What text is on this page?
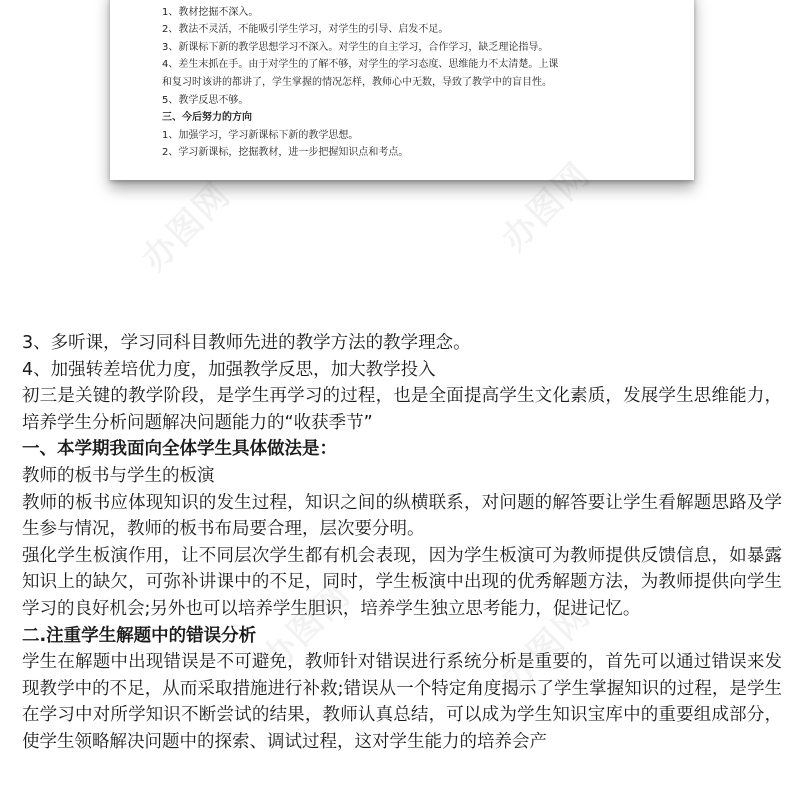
1、教材挖掘不深入。
2、教法不灵活，不能吸引学生学习，对学生的引导、启发不足。
3、新课标下新的教学思想学习不深入。对学生的自主学习，合作学习，缺乏理论指导。
4、差生末抓在手。由于对学生的了解不够，对学生的学习态度、思维能力不太清楚。上课
和复习时该讲的都讲了，学生掌握的情况怎样，教师心中无数，导致了教学中的盲目性。
5、教学反思不够。
三、今后努力的方向
1、加强学习，学习新课标下新的教学思想。
2、学习新课标，挖掘教材，进一步把握知识点和考点。
办图网	办图网
办图网	办图网

3、多听课，学习同科目教师先进的教学方法的教学理念。

4、加强转差培优力度，加强教学反思，加大教学投入

初三是关键的教学阶段，是学生再学习的过程，也是全面提高学生文化素质，发展学生思维能力，培养学生分析问题解决问题能力的“收获季节”

一、本学期我面向全体学生具体做法是：

教师的板书与学生的板演

教师的板书应体现知识的发生过程，知识之间的纵横联系，对问题的解答要让学生看解题思路及学生参与情况，教师的板书布局要合理，层次要分明。

强化学生板演作用，让不同层次学生都有机会表现，因为学生板演可为教师提供反馈信息，如暴露知识上的缺欠，可弥补讲课中的不足，同时，学生板演中出现的优秀解题方法，为教师提供向学生学习的良好机会;另外也可以培养学生胆识，培养学生独立思考能力，促进记忆。

二.注重学生解题中的错误分析

学生在解题中出现错误是不可避免，教师针对错误进行系统分析是重要的，首先可以通过错误来发现教学中的不足，从而采取措施进行补救;错误从一个特定角度揭示了学生掌握知识的过程，是学生在学习中对所学知识不断尝试的结果，教师认真总结，可以成为学生知识宝库中的重要组成部分，使学生领略解决问题中的探索、调试过程，这对学生能力的培养会产
